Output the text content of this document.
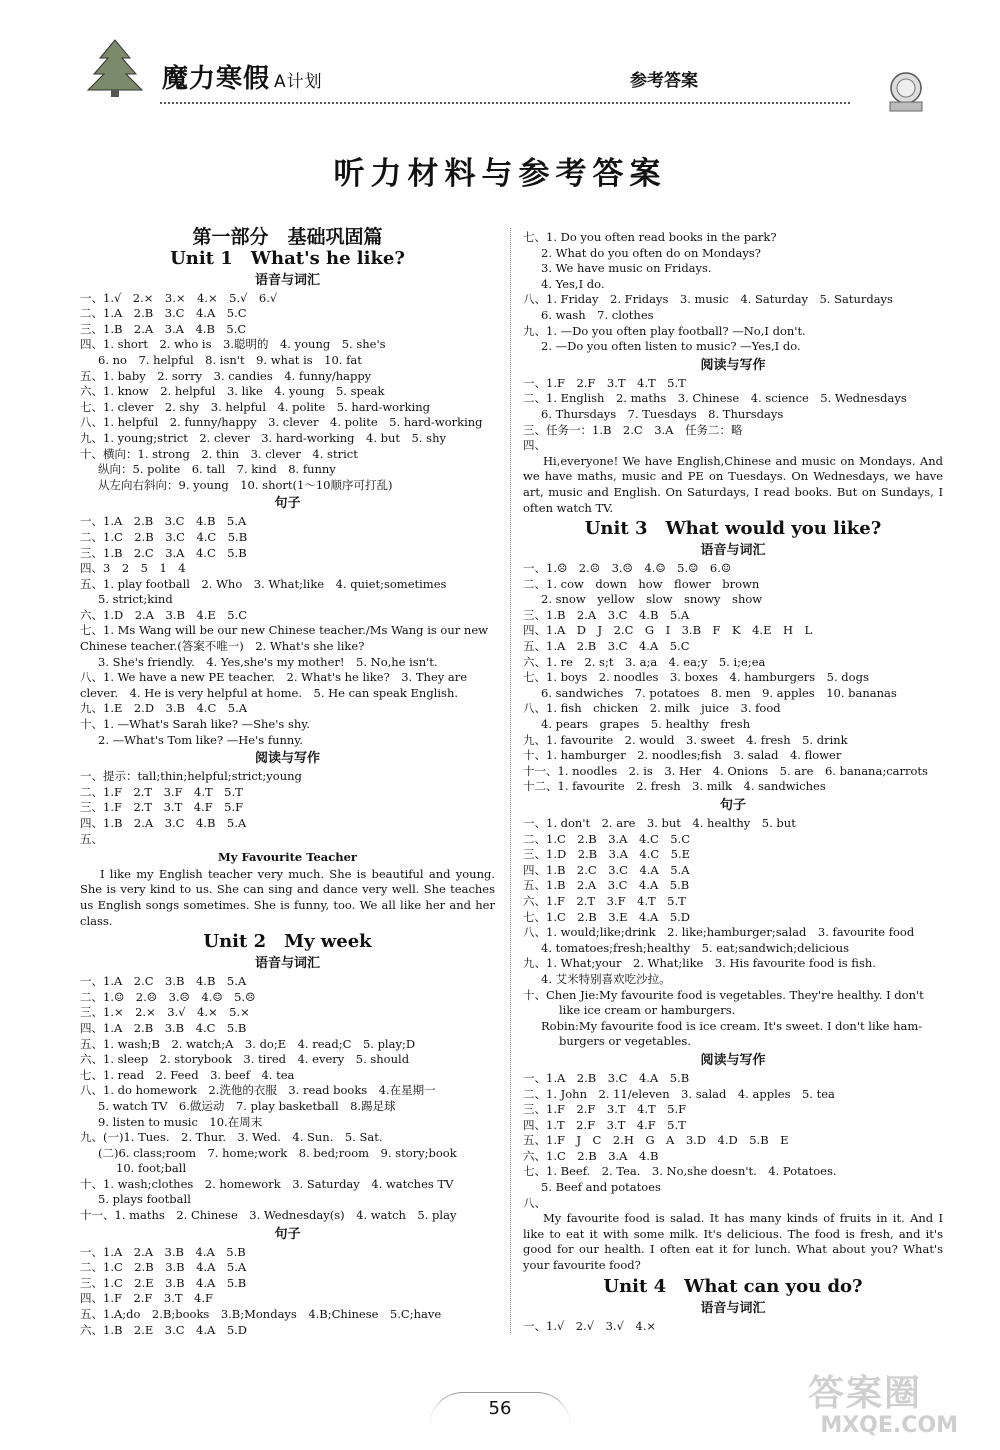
魔力寒假 A计划	参考答案
听力材料与参考答案
第一部分　基础巩固篇
Unit 1　What's he like?
语音与词汇
一、1.√　2.×　3.×　4.×　5.√　6.√
二、1.A　2.B　3.C　4.A　5.C
三、1.B　2.A　3.A　4.B　5.C
四、1. short　2. who is　3.聪明的　4. young　5. she's
6. no　7. helpful　8. isn't　9. what is　10. fat
五、1. baby　2. sorry　3. candies　4. funny/happy
六、1. know　2. helpful　3. like　4. young　5. speak
七、1. clever　2. shy　3. helpful　4. polite　5. hard-working
八、1. helpful　2. funny/happy　3. clever　4. polite　5. hard-working
九、1. young;strict　2. clever　3. hard-working　4. but　5. shy
十、横向：1. strong　2. thin　3. clever　4. strict
纵向：5. polite　6. tall　7. kind　8. funny
从左向右斜向：9. young　10. short(1～10顺序可打乱)
句子
一、1.A　2.B　3.C　4.B　5.A
二、1.C　2.B　3.C　4.C　5.B
三、1.B　2.C　3.A　4.C　5.B
四、3　2　5　1　4
五、1. play football　2. Who　3. What;like　4. quiet;sometimes
5. strict;kind
六、1.D　2.A　3.B　4.E　5.C
七、1. Ms Wang will be our new Chinese teacher./Ms Wang is our new
Chinese teacher.(答案不唯一)　2. What's she like?
3. She's friendly.　4. Yes,she's my mother!　5. No,he isn't.
八、1. We have a new PE teacher.　2. What's he like?　3. They are
clever.　4. He is very helpful at home.　5. He can speak English.
九、1.E　2.D　3.B　4.C　5.A
十、1. —What's Sarah like? —She's shy.
2. —What's Tom like? —He's funny.
阅读与写作
一、提示：tall;thin;helpful;strict;young
二、1.F　2.T　3.F　4.T　5.T
三、1.F　2.T　3.T　4.F　5.F
四、1.B　2.A　3.C　4.B　5.A
五、
My Favourite Teacher
I like my English teacher very much. She is beautiful and young. She is very kind to us. She can sing and dance very well. She teaches us English songs sometimes. She is funny, too. We all like her and her class.
Unit 2　My week
语音与词汇
一、1.A　2.C　3.B　4.B　5.A
二、1.☺　2.☹　3.☹　4.☺　5.☹
三、1.×　2.×　3.√　4.×　5.×
四、1.A　2.B　3.B　4.C　5.B
五、1. wash;B　2. watch;A　3. do;E　4. read;C　5. play;D
六、1. sleep　2. storybook　3. tired　4. every　5. should
七、1. read　2. Feed　3. beef　4. tea
八、1. do homework　2.洗他的衣服　3. read books　4.在星期一
5. watch TV　6.做运动　7. play basketball　8.踢足球
9. listen to music　10.在周末
九、(一)1. Tues.　2. Thur.　3. Wed.　4. Sun.　5. Sat.
(二)6. class;room　7. home;work　8. bed;room　9. story;book
10. foot;ball
十、1. wash;clothes　2. homework　3. Saturday　4. watches TV
5. plays football
十一、1. maths　2. Chinese　3. Wednesday(s)　4. watch　5. play
句子
一、1.A　2.A　3.B　4.A　5.B
二、1.C　2.B　3.B　4.A　5.A
三、1.C　2.E　3.B　4.A　5.B
四、1.F　2.F　3.T　4.F
五、1.A;do　2.B;books　3.B;Mondays　4.B;Chinese　5.C;have
六、1.B　2.E　3.C　4.A　5.D
七、1. Do you often read books in the park?
2. What do you often do on Mondays?
3. We have music on Fridays.
4. Yes,I do.
八、1. Friday　2. Fridays　3. music　4. Saturday　5. Saturdays
6. wash　7. clothes
九、1. —Do you often play football? —No,I don't.
2. —Do you often listen to music? —Yes,I do.
阅读与写作
一、1.F　2.F　3.T　4.T　5.T
二、1. English　2. maths　3. Chinese　4. science　5. Wednesdays
6. Thursdays　7. Tuesdays　8. Thursdays
三、任务一：1.B　2.C　3.A　任务二：略
四、
Hi,everyone! We have English,Chinese and music on Mondays. And we have maths, music and PE on Tuesdays. On Wednesdays, we have art, music and English. On Saturdays, I read books. But on Sundays, I often watch TV.
Unit 3　What would you like?
语音与词汇
一、1.☹　2.☹　3.☹　4.☺　5.☺　6.☺
二、1. cow　down　how　flower　brown
2. snow　yellow　slow　snowy　show
三、1.B　2.A　3.C　4.B　5.A
四、1.A　D　J　2.C　G　I　3.B　F　K　4.E　H　L
五、1.A　2.B　3.C　4.A　5.C
六、1. re　2. s;t　3. a;a　4. ea;y　5. i;e;ea
七、1. boys　2. noodles　3. boxes　4. hamburgers　5. dogs
6. sandwiches　7. potatoes　8. men　9. apples　10. bananas
八、1. fish　chicken　2. milk　juice　3. food
4. pears　grapes　5. healthy　fresh
九、1. favourite　2. would　3. sweet　4. fresh　5. drink
十、1. hamburger　2. noodles;fish　3. salad　4. flower
十一、1. noodles　2. is　3. Her　4. Onions　5. are　6. banana;carrots
十二、1. favourite　2. fresh　3. milk　4. sandwiches
句子
一、1. don't　2. are　3. but　4. healthy　5. but
二、1.C　2.B　3.A　4.C　5.C
三、1.D　2.B　3.A　4.C　5.E
四、1.B　2.C　3.C　4.A　5.A
五、1.B　2.A　3.C　4.A　5.B
六、1.F　2.T　3.F　4.T　5.T
七、1.C　2.B　3.E　4.A　5.D
八、1. would;like;drink　2. like;hamburger;salad　3. favourite food
4. tomatoes;fresh;healthy　5. eat;sandwich;delicious
九、1. What;your　2. What;like　3. His favourite food is fish.
4. 艾米特别喜欢吃沙拉。
十、Chen Jie:My favourite food is vegetables. They're healthy. I don't
like ice cream or hamburgers.
Robin:My favourite food is ice cream. It's sweet. I don't like ham-
burgers or vegetables.
阅读与写作
一、1.A　2.B　3.C　4.A　5.B
二、1. John　2. 11/eleven　3. salad　4. apples　5. tea
三、1.F　2.F　3.T　4.T　5.F
四、1.T　2.F　3.T　4.F　5.T
五、1.F　J　C　2.H　G　A　3.D　4.D　5.B　E
六、1.C　2.B　3.A　4.B
七、1. Beef.　2. Tea.　3. No,she doesn't.　4. Potatoes.
5. Beef and potatoes
八、
My favourite food is salad. It has many kinds of fruits in it. And I like to eat it with some milk. It's delicious. The food is fresh, and it's good for our health. I often eat it for lunch. What about you? What's your favourite food?
Unit 4　What can you do?
语音与词汇
一、1.√　2.√　3.√　4.×
56	答案圈
MXQE.COM
